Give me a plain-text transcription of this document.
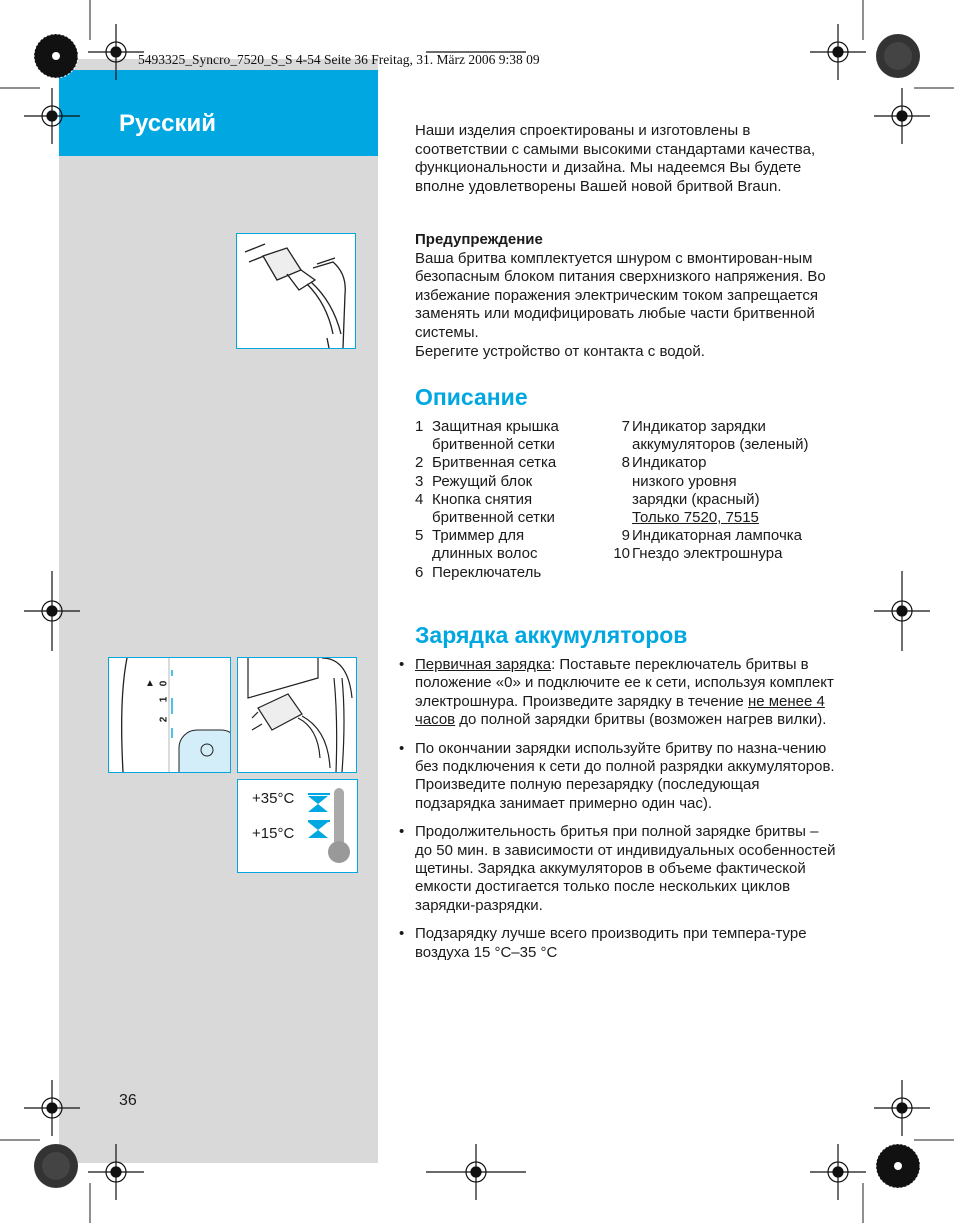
Русский
5493325_Syncro_7520_S_S 4-54 Seite 36 Freitag, 31. März 2006 9:38 09
▲ 0
1
2
+35°C
+15°C
Наши изделия спроектированы и изготовлены в соответствии с самыми высокими стандартами качества, функциональности и дизайна. Мы надеемся Вы будете вполне удовлетворены Вашей новой бритвой Braun.
Предупреждение
Ваша бритва комплектуется шнуром с вмонтирован-ным безопасным блоком питания сверхнизкого напряжения. Во избежание поражения электрическим током запрещается заменять или модифицировать любые части бритвенной системы.
Берегите устройство от контакта с водой.
Описание
1 Защитная крышка бритвенной сетки
2 Бритвенная сетка
3 Режущий блок
4 Кнопка снятия бритвенной сетки
5 Триммер для длинных волос
6 Переключатель
7 Индикатор зарядки аккумуляторов (зеленый)
8 Индикатор низкого уровня зарядки (красный)
Только 7520, 7515
9 Индикаторная лампочка
10 Гнездо электрошнура
Зарядка аккумуляторов
• Первичная зарядка: Поставьте переключатель бритвы в положение «0» и подключите ее к сети, используя комплект электрошнура. Произведите зарядку в течение не менее 4 часов до полной зарядки бритвы (возможен нагрев вилки).
• По окончании зарядки используйте бритву по назна-чению без подключения к сети до полной разрядки аккумуляторов. Произведите полную перезарядку (последующая подзарядка занимает примерно один час).
• Продолжительность бритья при полной зарядке бритвы – до 50 мин. в зависимости от индивидуальных особенностей щетины. Зарядка аккумуляторов в объеме фактической емкости достигается только после нескольких циклов зарядки-разрядки.
• Подзарядку лучше всего производить при темпера-туре воздуха 15 °C–35 °C
36
